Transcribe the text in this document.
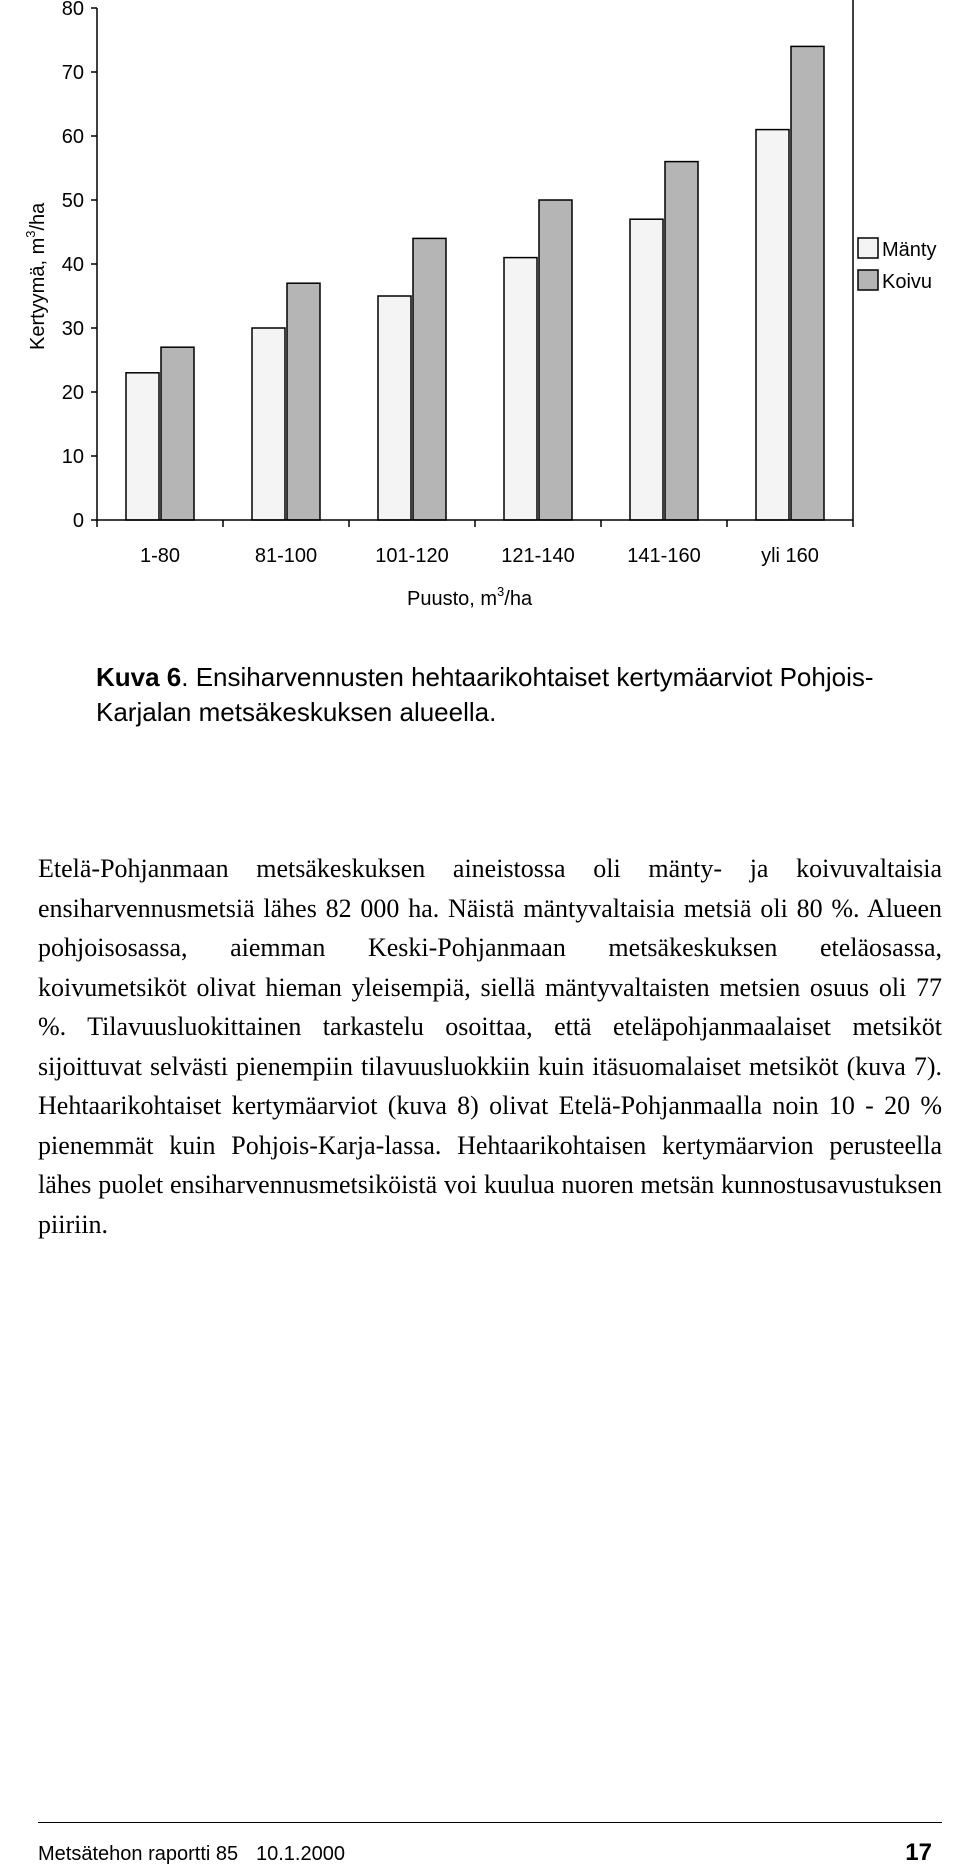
0
10
20
30
40
50
60
70
80
1-80	81-100	101-120	121-140	141-160	yli 160
Kertyymä, $m^3/ha$
Puusto, $m^3/ha$
Mänty
Koivu
Kuva 6. Ensiharvennusten hehtaarikohtaiset kertymäarviot Pohjois-Karjalan metsäkeskuksen alueella.

Etelä-Pohjanmaan metsäkeskuksen aineistossa oli mänty- ja koivuvaltaisia ensiharvennusmetsiä lähes 82 000 ha. Näistä mäntyvaltaisia metsiä oli 80 %. Alueen pohjoisosassa, aiemman Keski-Pohjanmaan metsäkeskuksen eteläosassa, koivumetsiköt olivat hieman yleisempiä, siellä mäntyvaltaisten metsien osuus oli 77 %. Tilavuusluokittainen tarkastelu osoittaa, että eteläpohjanmaalaiset metsiköt sijoittuvat selvästi pienempiin tilavuusluokkiin kuin itäsuomalaiset metsiköt (kuva 7). Hehtaarikohtaiset kertymäarviot (kuva 8) olivat Etelä-Pohjanmaalla noin 10 - 20 % pienemmät kuin Pohjois-Karja-lassa. Hehtaarikohtaisen kertymäarvion perusteella lähes puolet ensiharvennusmetsiköistä voi kuulua nuoren metsän kunnostusavustuksen piiriin.

Metsätehon raportti 85 10.1.2000	17
